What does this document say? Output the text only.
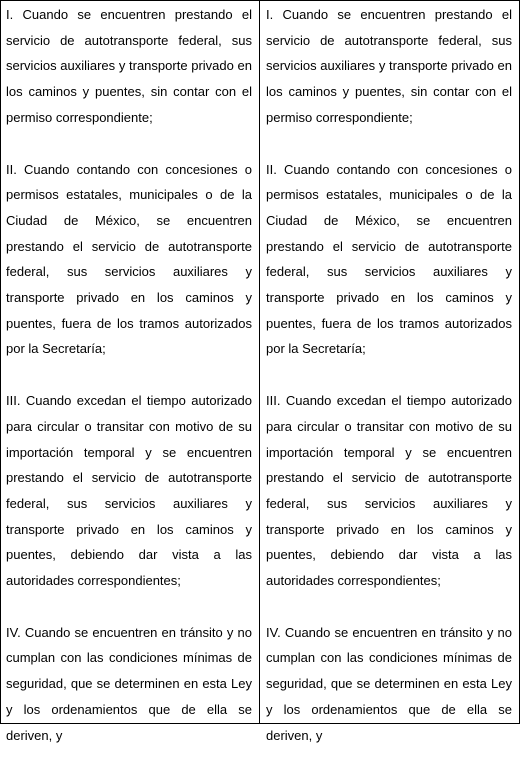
I. Cuando se encuentren prestando el servicio de autotransporte federal, sus servicios auxiliares y transporte privado en los caminos y puentes, sin contar con el permiso correspondiente;

II. Cuando contando con concesiones o permisos estatales, municipales o de la Ciudad de México, se encuentren prestando el servicio de autotransporte federal, sus servicios auxiliares y transporte privado en los caminos y puentes, fuera de los tramos autorizados por la Secretaría;

III. Cuando excedan el tiempo autorizado para circular o transitar con motivo de su importación temporal y se encuentren prestando el servicio de autotransporte federal, sus servicios auxiliares y transporte privado en los caminos y puentes, debiendo dar vista a las autoridades correspondientes;

IV. Cuando se encuentren en tránsito y no cumplan con las condiciones mínimas de seguridad, que se determinen en esta Ley y los ordenamientos que de ella se deriven, y

I. Cuando se encuentren prestando el servicio de autotransporte federal, sus servicios auxiliares y transporte privado en los caminos y puentes, sin contar con el permiso correspondiente;

II. Cuando contando con concesiones o permisos estatales, municipales o de la Ciudad de México, se encuentren prestando el servicio de autotransporte federal, sus servicios auxiliares y transporte privado en los caminos y puentes, fuera de los tramos autorizados por la Secretaría;

III. Cuando excedan el tiempo autorizado para circular o transitar con motivo de su importación temporal y se encuentren prestando el servicio de autotransporte federal, sus servicios auxiliares y transporte privado en los caminos y puentes, debiendo dar vista a las autoridades correspondientes;

IV. Cuando se encuentren en tránsito y no cumplan con las condiciones mínimas de seguridad, que se determinen en esta Ley y los ordenamientos que de ella se deriven, y
